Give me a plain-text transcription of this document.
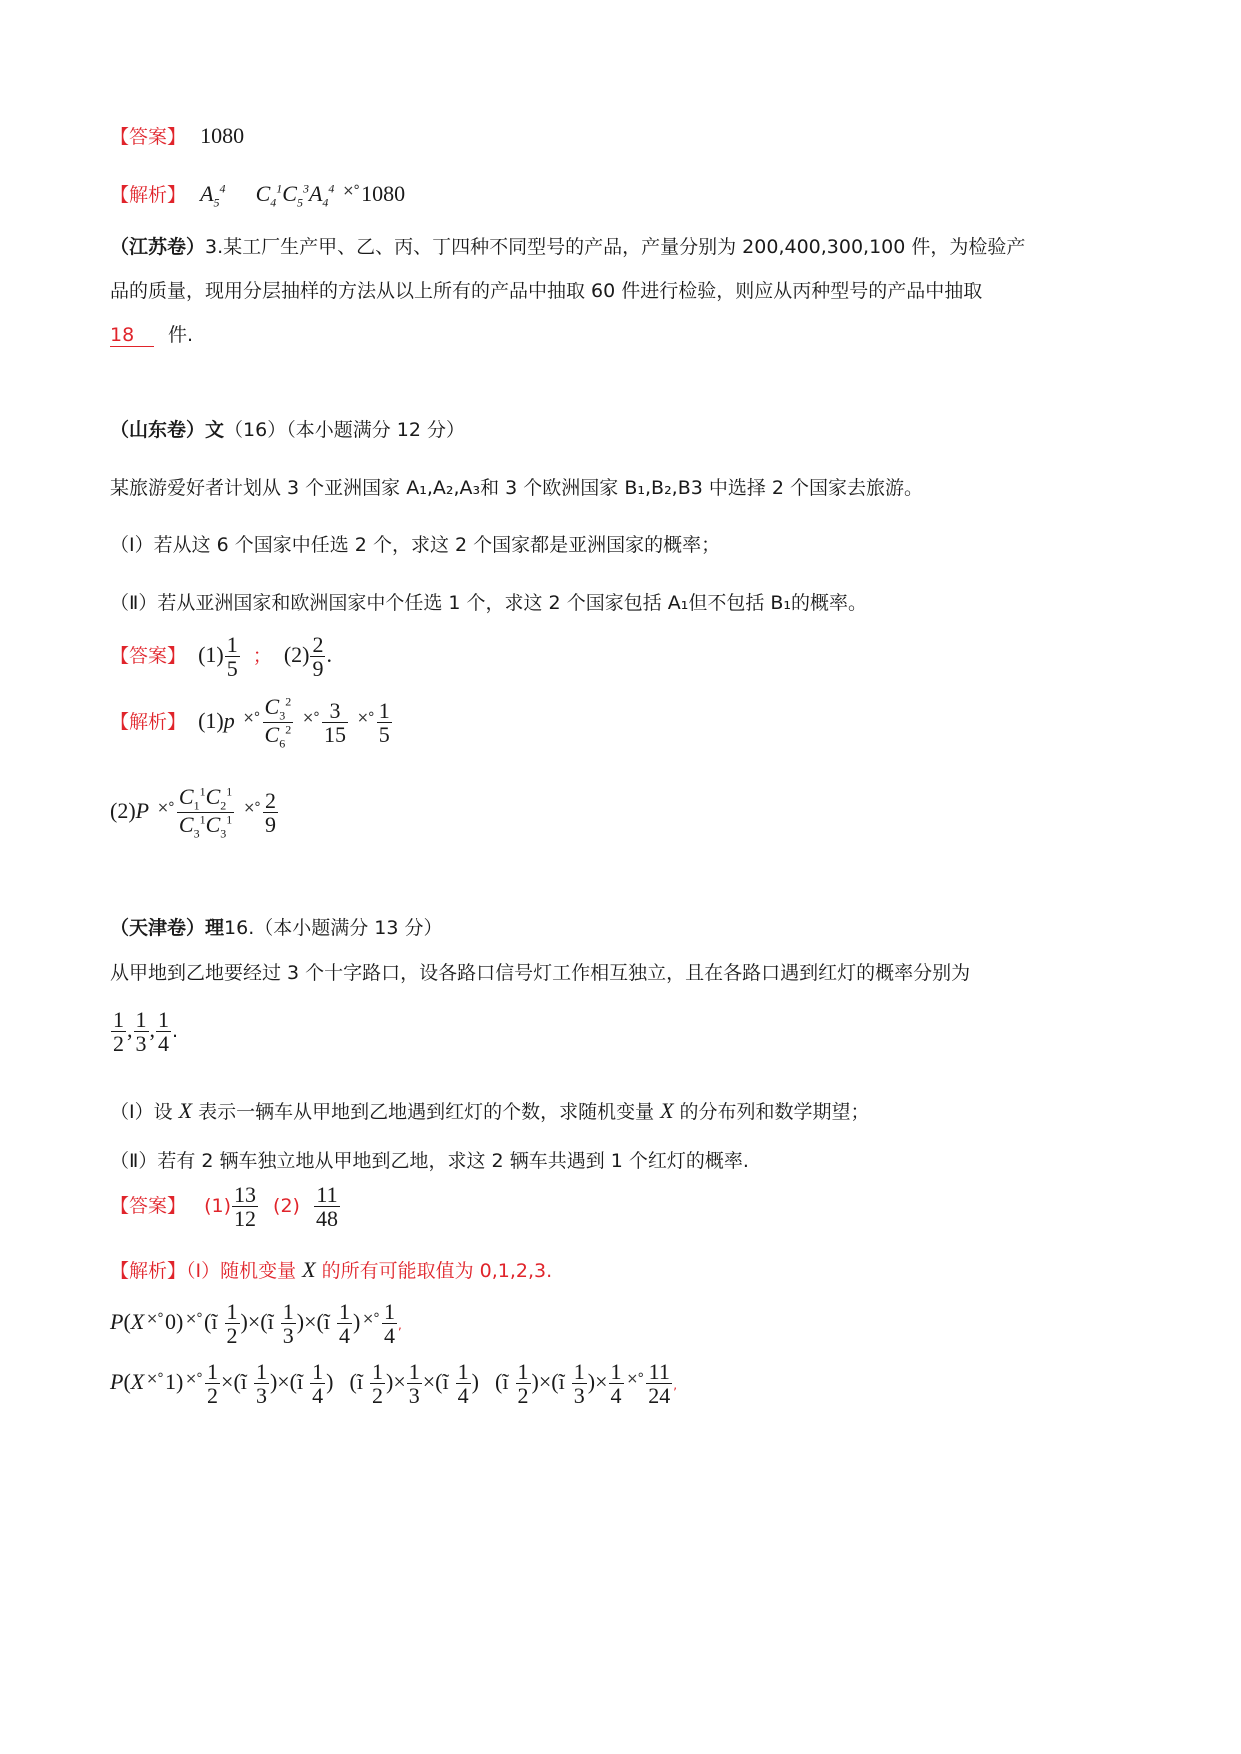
【答案】 1080
【解析】 $A_5^4$ $C_4^1C_5^3A_4^4$ ×°1080
（江苏卷）3.某工厂生产甲、乙、丙、丁四种不同型号的产品，产量分别为 200,400,300,100 件，为检验产
品的质量，现用分层抽样的方法从以上所有的产品中抽取 60 件进行检验，则应从丙种型号的产品中抽取
18 件.
（山东卷）文（16）（本小题满分 12 分）
某旅游爱好者计划从 3 个亚洲国家 A₁,A₂,A₃和 3 个欧洲国家 B₁,B₂,B3 中选择 2 个国家去旅游。
（Ⅰ）若从这 6 个国家中任选 2 个，求这 2 个国家都是亚洲国家的概率；
（Ⅱ）若从亚洲国家和欧洲国家中个任选 1 个，求这 2 个国家包括 A₁但不包括 B₁的概率。
【答案】 $(1) \frac{1}{5}$ ； $(2) \frac{2}{9}$ .
【解析】 (1)p $^{\times^\circ} \frac{C_3^2}{C_6^2} ^{\times^\circ} \frac{3}{15} ^{\times^\circ} \frac{1}{5}$
(2)P $^{\times^\circ} \frac{C_1^1C_2^1}{C_3^1C_3^1} ^{\times^\circ} \frac{2}{9}$
（天津卷）理16.（本小题满分 13 分）
从甲地到乙地要经过 3 个十字路口，设各路口信号灯工作相互独立，且在各路口遇到红灯的概率分别为
$\frac{1}{2}$ , $\frac{1}{3}$ , $\frac{1}{4}$ .
（Ⅰ）设 X 表示一辆车从甲地到乙地遇到红灯的个数，求随机变量 X 的分布列和数学期望；
（Ⅱ）若有 2 辆车独立地从甲地到乙地，求这 2 辆车共遇到 1 个红灯的概率.
【答案】 $(1) \frac{13}{12} (2) \frac{11}{48}$
【解析】（Ⅰ）随机变量 X 的所有可能取值为 0,1,2,3.
P(X ×°0) ×°(ĩ $\frac{1}{2}$ )×(ĩ $\frac{1}{3}$ )×(ĩ $\frac{1}{4}$ ) $^{\times^\circ} \frac{1}{4}$ ,
P(X ×°1) $^{\times^\circ} \frac{1}{2}$ ×(ĩ $\frac{1}{3}$ )×(ĩ $\frac{1}{4}$ ) (ĩ $\frac{1}{2}$ )× $\frac{1}{3}$ ×(ĩ $\frac{1}{4}$ ) (ĩ $\frac{1}{2}$ )×(ĩ $\frac{1}{3}$ )× $\frac{1}{4} ^{\times^\circ} \frac{11}{24}$ ,
